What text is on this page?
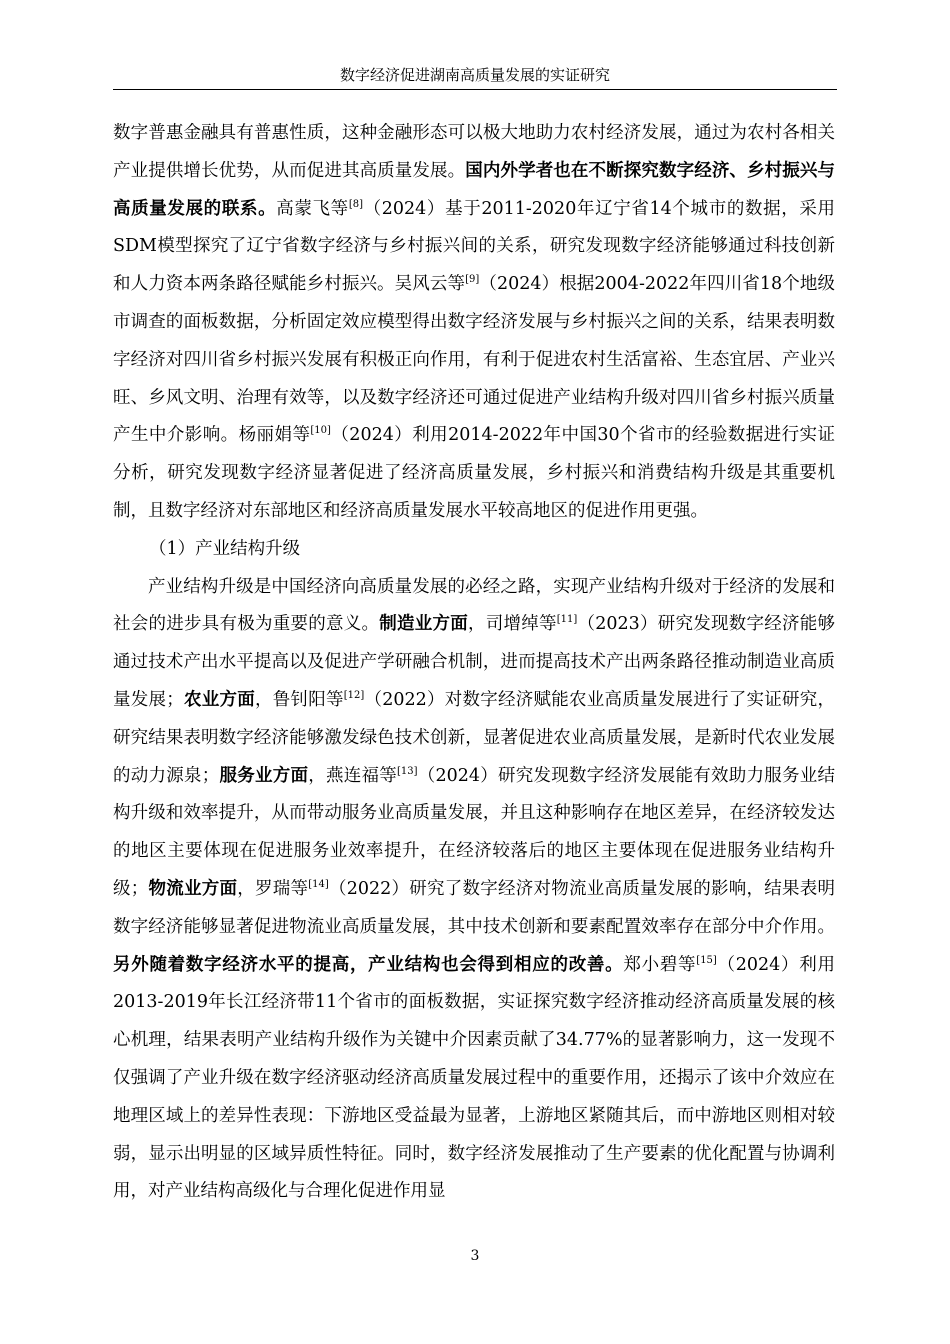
数字经济促进湖南高质量发展的实证研究

数字普惠金融具有普惠性质，这种金融形态可以极大地助力农村经济发展，通过为农村各相关产业提供增长优势，从而促进其高质量发展。国内外学者也在不断探究数字经济、乡村振兴与高质量发展的联系。高蒙飞等[8]（2024）基于2011-2020年辽宁省14个城市的数据，采用SDM模型探究了辽宁省数字经济与乡村振兴间的关系，研究发现数字经济能够通过科技创新和人力资本两条路径赋能乡村振兴。吴风云等[9]（2024）根据2004-2022年四川省18个地级市调查的面板数据，分析固定效应模型得出数字经济发展与乡村振兴之间的关系，结果表明数字经济对四川省乡村振兴发展有积极正向作用，有利于促进农村生活富裕、生态宜居、产业兴旺、乡风文明、治理有效等，以及数字经济还可通过促进产业结构升级对四川省乡村振兴质量产生中介影响。杨丽娟等[10]（2024）利用2014-2022年中国30个省市的经验数据进行实证分析，研究发现数字经济显著促进了经济高质量发展，乡村振兴和消费结构升级是其重要机制，且数字经济对东部地区和经济高质量发展水平较高地区的促进作用更强。

（1）产业结构升级

产业结构升级是中国经济向高质量发展的必经之路，实现产业结构升级对于经济的发展和社会的进步具有极为重要的意义。制造业方面，司增绰等[11]（2023）研究发现数字经济能够通过技术产出水平提高以及促进产学研融合机制，进而提高技术产出两条路径推动制造业高质量发展；农业方面，鲁钊阳等[12]（2022）对数字经济赋能农业高质量发展进行了实证研究，研究结果表明数字经济能够激发绿色技术创新，显著促进农业高质量发展，是新时代农业发展的动力源泉；服务业方面，燕连福等[13]（2024）研究发现数字经济发展能有效助力服务业结构升级和效率提升，从而带动服务业高质量发展，并且这种影响存在地区差异，在经济较发达的地区主要体现在促进服务业效率提升，在经济较落后的地区主要体现在促进服务业结构升级；物流业方面，罗瑞等[14]（2022）研究了数字经济对物流业高质量发展的影响，结果表明数字经济能够显著促进物流业高质量发展，其中技术创新和要素配置效率存在部分中介作用。另外随着数字经济水平的提高，产业结构也会得到相应的改善。郑小碧等[15]（2024）利用2013-2019年长江经济带11个省市的面板数据，实证探究数字经济推动经济高质量发展的核心机理，结果表明产业结构升级作为关键中介因素贡献了34.77%的显著影响力，这一发现不仅强调了产业升级在数字经济驱动经济高质量发展过程中的重要作用，还揭示了该中介效应在地理区域上的差异性表现：下游地区受益最为显著，上游地区紧随其后，而中游地区则相对较弱，显示出明显的区域异质性特征。同时，数字经济发展推动了生产要素的优化配置与协调利用，对产业结构高级化与合理化促进作用显

3
